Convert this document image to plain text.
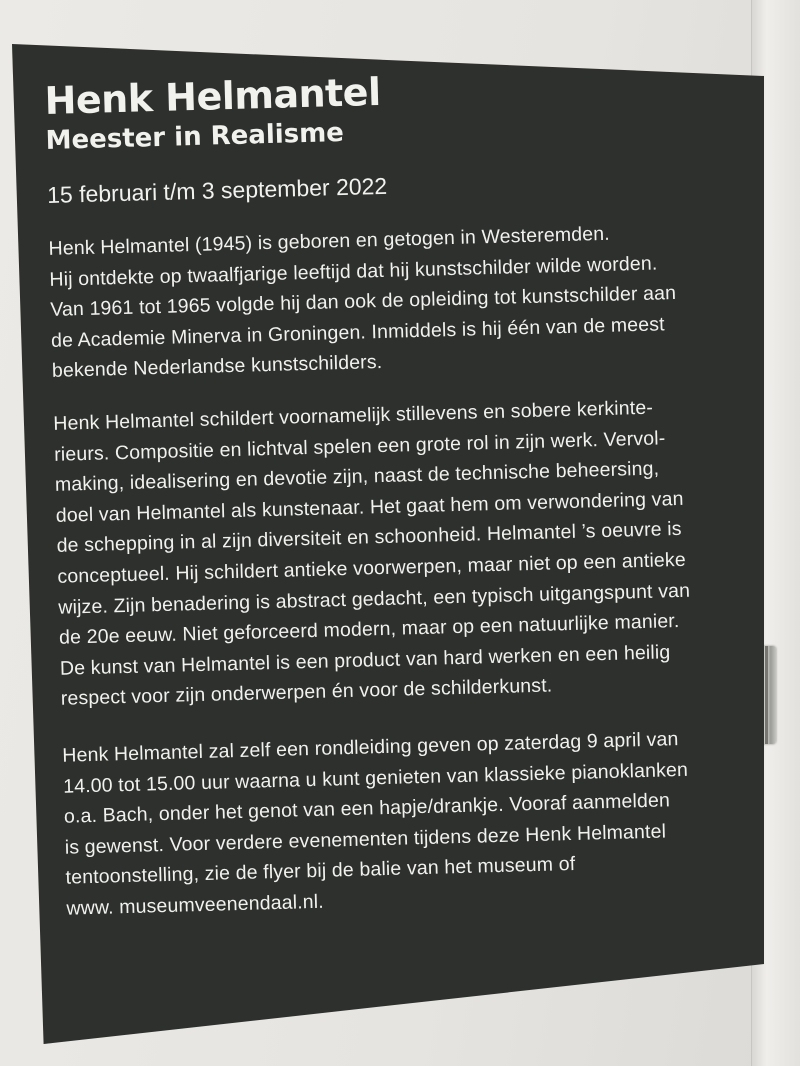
Henk Helmantel
Meester in Realisme

15 februari t/m 3 september 2022

Henk Helmantel (1945) is geboren en getogen in Westeremden.
Hij ontdekte op twaalfjarige leeftijd dat hij kunstschilder wilde worden.
Van 1961 tot 1965 volgde hij dan ook de opleiding tot kunstschilder aan
de Academie Minerva in Groningen. Inmiddels is hij één van de meest
bekende Nederlandse kunstschilders.

Henk Helmantel schildert voornamelijk stillevens en sobere kerkinte-
rieurs. Compositie en lichtval spelen een grote rol in zijn werk. Vervol-
making, idealisering en devotie zijn, naast de technische beheersing,
doel van Helmantel als kunstenaar. Het gaat hem om verwondering van
de schepping in al zijn diversiteit en schoonheid. Helmantel ’s oeuvre is
conceptueel. Hij schildert antieke voorwerpen, maar niet op een antieke
wijze. Zijn benadering is abstract gedacht, een typisch uitgangspunt van
de 20e eeuw. Niet geforceerd modern, maar op een natuurlijke manier.
De kunst van Helmantel is een product van hard werken en een heilig
respect voor zijn onderwerpen én voor de schilderkunst.

Henk Helmantel zal zelf een rondleiding geven op zaterdag 9 april van
14.00 tot 15.00 uur waarna u kunt genieten van klassieke pianoklanken
o.a. Bach, onder het genot van een hapje/drankje. Vooraf aanmelden
is gewenst. Voor verdere evenementen tijdens deze Henk Helmantel
tentoonstelling, zie de flyer bij de balie van het museum of
www. museumveenendaal.nl.
